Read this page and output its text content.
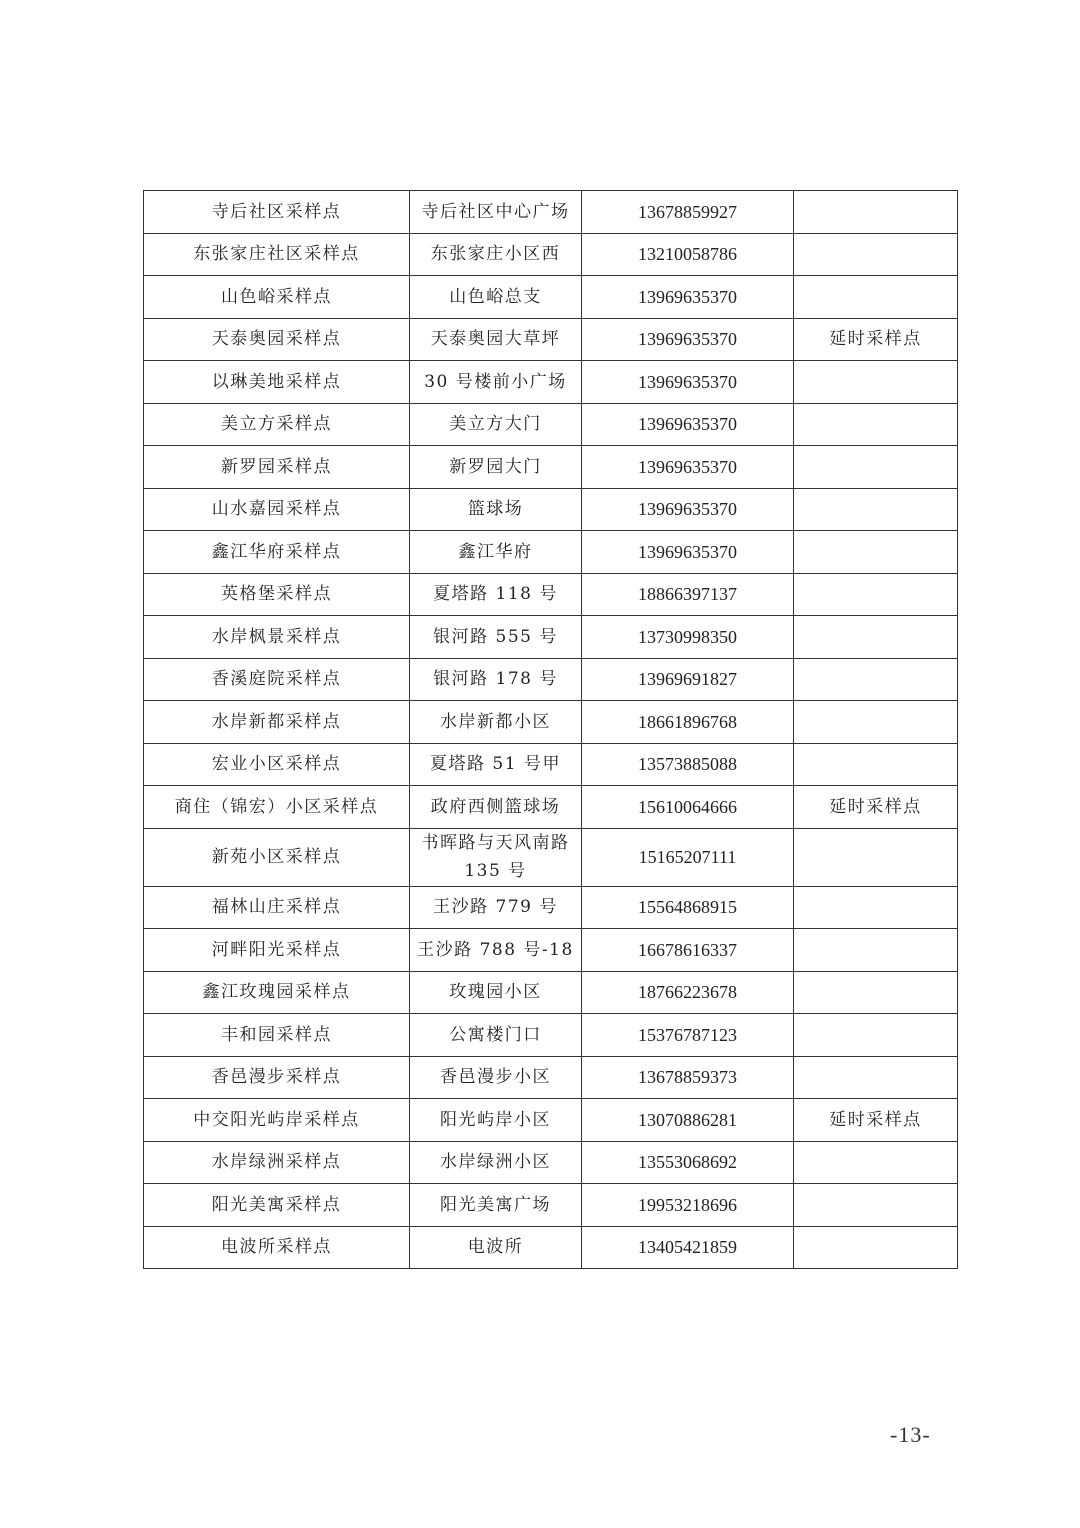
寺后社区采样点	寺后社区中心广场	13678859927	
东张家庄社区采样点	东张家庄小区西	13210058786	
山色峪采样点	山色峪总支	13969635370	
天泰奥园采样点	天泰奥园大草坪	13969635370	延时采样点
以琳美地采样点	30 号楼前小广场	13969635370	
美立方采样点	美立方大门	13969635370	
新罗园采样点	新罗园大门	13969635370	
山水嘉园采样点	篮球场	13969635370	
鑫江华府采样点	鑫江华府	13969635370	
英格堡采样点	夏塔路 118 号	18866397137	
水岸枫景采样点	银河路 555 号	13730998350	
香溪庭院采样点	银河路 178 号	13969691827	
水岸新都采样点	水岸新都小区	18661896768	
宏业小区采样点	夏塔路 51 号甲	13573885088	
商住（锦宏）小区采样点	政府西侧篮球场	15610064666	延时采样点
新苑小区采样点	书晖路与天风南路 135 号	15165207111	
福林山庄采样点	王沙路 779 号	15564868915	
河畔阳光采样点	王沙路 788 号-18	16678616337	
鑫江玫瑰园采样点	玫瑰园小区	18766223678	
丰和园采样点	公寓楼门口	15376787123	
香邑漫步采样点	香邑漫步小区	13678859373	
中交阳光屿岸采样点	阳光屿岸小区	13070886281	延时采样点
水岸绿洲采样点	水岸绿洲小区	13553068692	
阳光美寓采样点	阳光美寓广场	19953218696	
电波所采样点	电波所	13405421859	
-13-
